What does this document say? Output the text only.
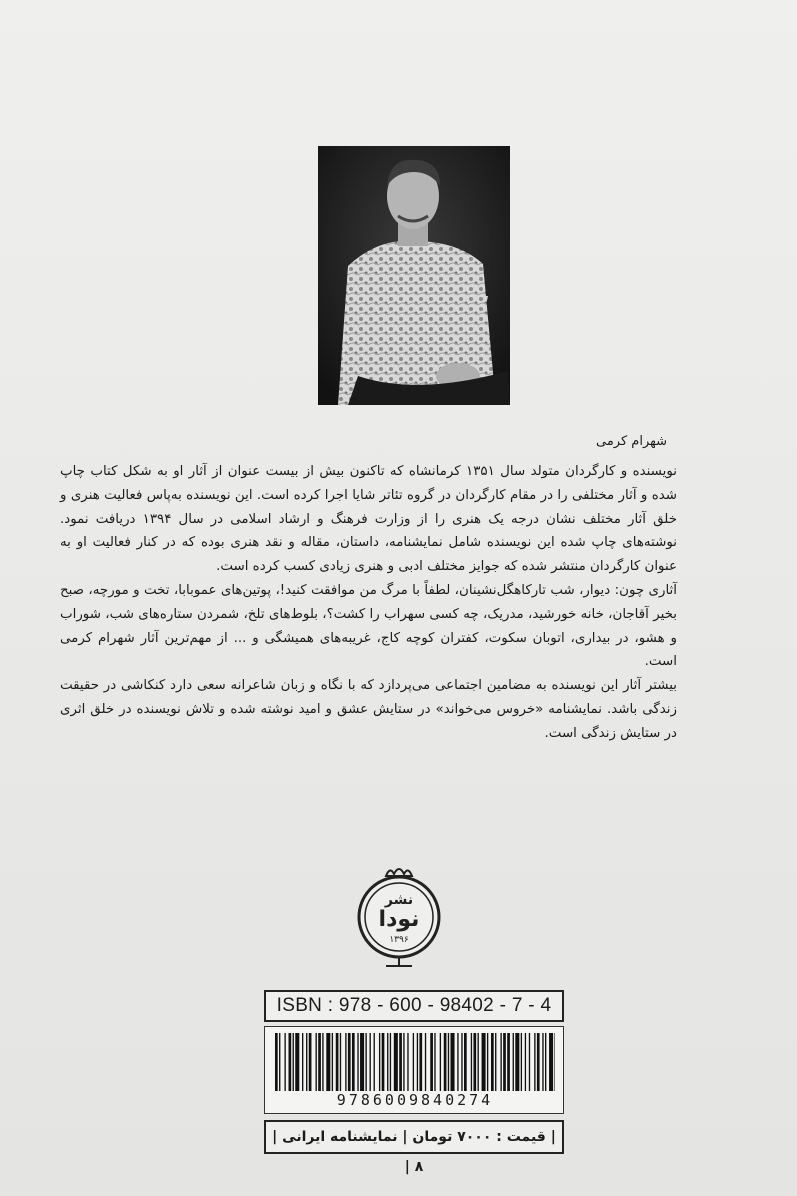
شهرام کرمی

نویسنده و کارگردان متولد سال ۱۳۵۱ کرمانشاه که تاکنون بیش از بیست عنوان از آثار او به شکل کتاب چاپ شده و آثار مختلفی را در مقام کارگردان در گروه تئاتر شایا اجرا کرده است. این نویسنده به‌پاس فعالیت هنری و خلق آثار مختلف نشان درجه یک هنری را از وزارت فرهنگ و ارشاد اسلامی در سال ۱۳۹۴ دریافت نمود. نوشته‌های چاپ شده این نویسنده شامل نمایشنامه، داستان، مقاله و نقد هنری بوده که در کنار فعالیت او به عنوان کارگردان منتشر شده که جوایز مختلف ادبی و هنری زیادی کسب کرده است.

آثاری چون: دیوار، شب تارکاهگل‌نشینان، لطفاً با مرگ من موافقت کنید!، پوتین‌های عموبابا، تخت و مورچه، صبح بخیر آقاجان، خانه خورشید، مدریک، چه کسی سهراب را کشت؟، بلوط‌های تلخ، شمردن ستاره‌های شب، شوراب و هشو، در بیداری، اتوبان سکوت، کفتران کوچه کاج، غریبه‌های همیشگی و ... از مهم‌ترین آثار شهرام کرمی است.

بیشتر آثار این نویسنده به مضامین اجتماعی می‌پردازد که با نگاه و زبان شاعرانه سعی دارد کنکاشی در حقیقت زندگی باشد. نمایشنامه «خروس می‌خواند» در ستایش عشق و امید نوشته شده و تلاش نویسنده در خلق اثری در ستایش زندگی است.

نشر
نودا
۱۳۹۶
ISBN : 978 - 600 - 98402 - 7 - 4
9786009840274
| قیمت : ۷۰۰۰ تومان | نمایشنامه ایرانی | ۸ |
